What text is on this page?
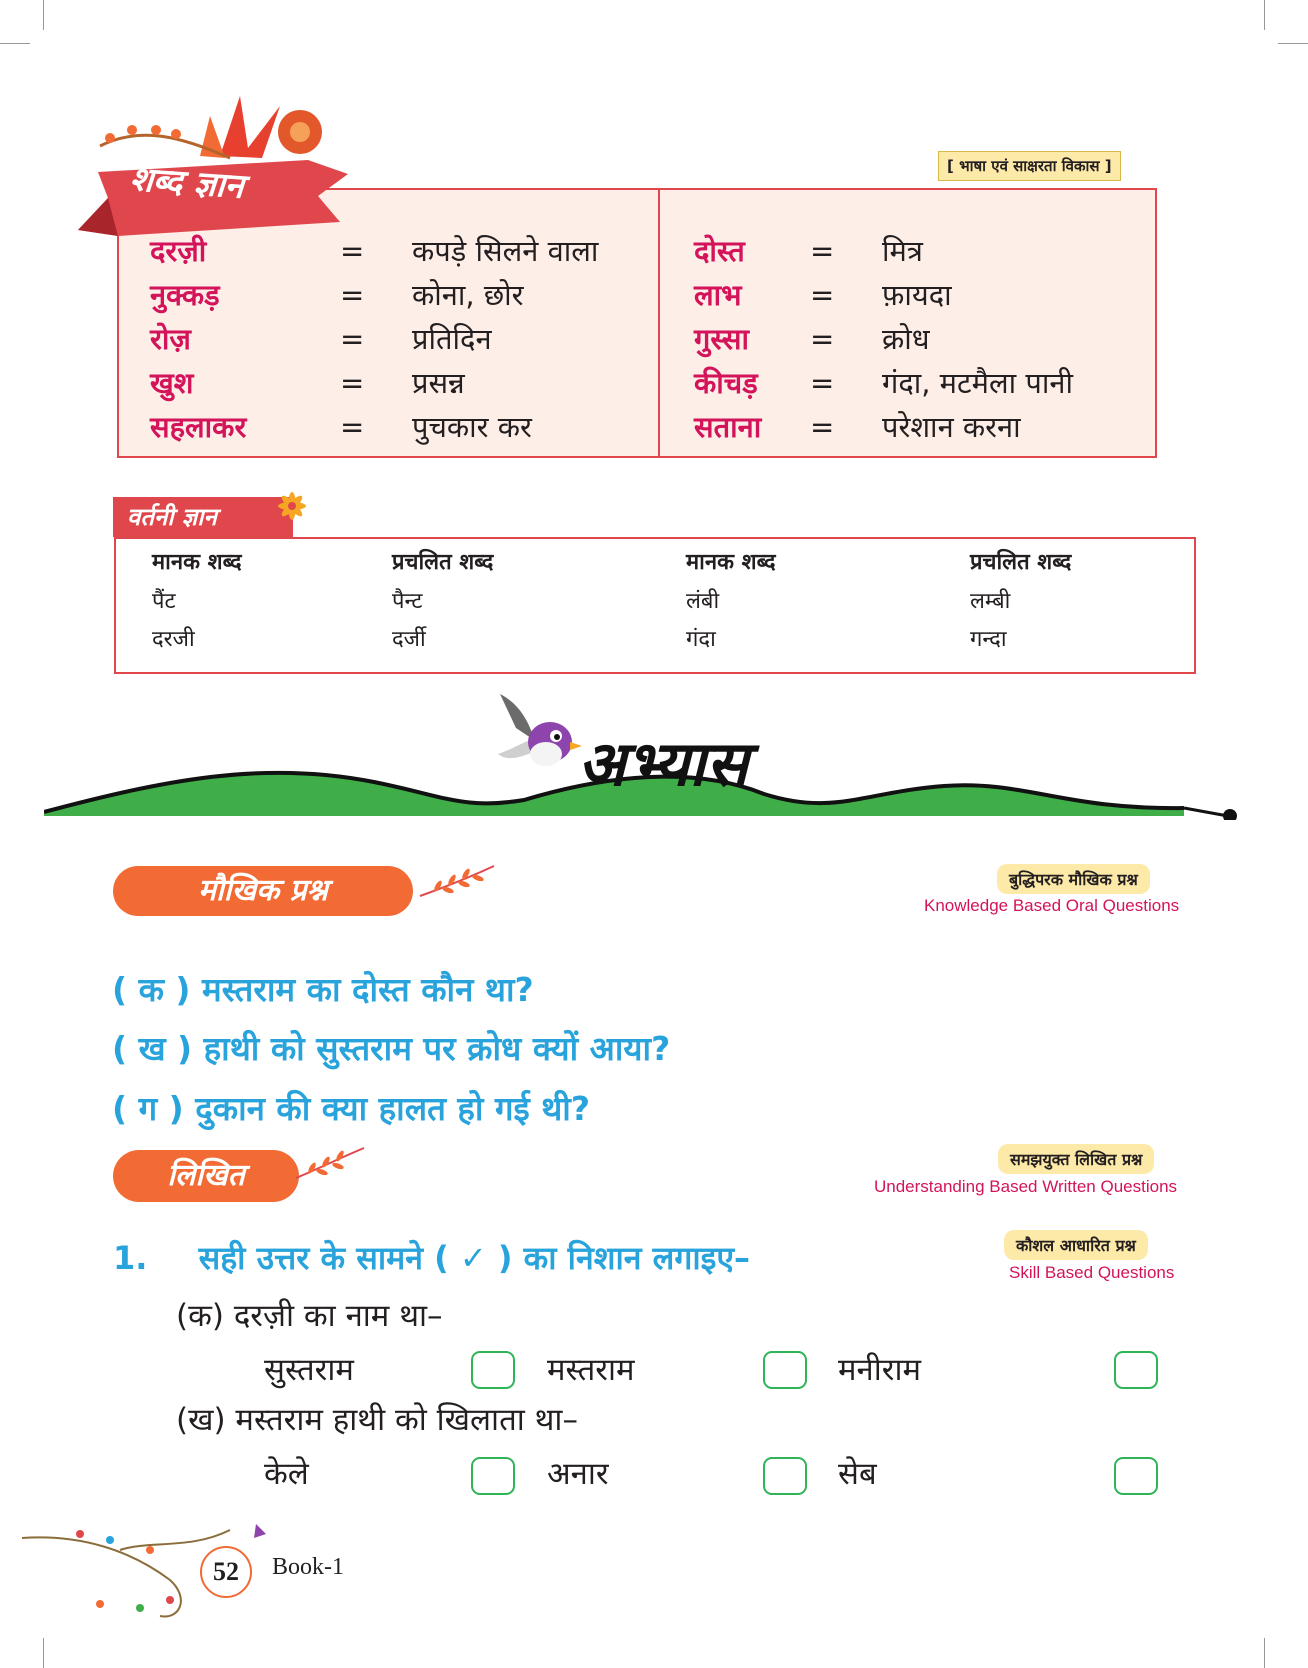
शब्द ज्ञान	[ भाषा एवं साक्षरता विकास ]
दरज़ी	= कपड़े सिलने वाला
नुक्कड़	= कोना, छोर
रोज़	= प्रतिदिन
खुश	= प्रसन्न
सहलाकर	= पुचकार कर
दोस्त = मित्र
लाभ = फ़ायदा
गुस्सा = क्रोध
कीचड़ = गंदा, मटमैला पानी
सताना = परेशान करना
वर्तनी ज्ञान
मानक शब्द	प्रचलित शब्द	मानक शब्द	प्रचलित शब्द
पैंट	पैन्ट	लंबी	लम्बी
दरजी	दर्जी	गंदा	गन्दा
अभ्यास
मौखिक प्रश्न	बुद्धिपरक मौखिक प्रश्न
Knowledge Based Oral Questions
( क ) मस्तराम का दोस्त कौन था?
( ख ) हाथी को सुस्तराम पर क्रोध क्यों आया?
( ग ) दुकान की क्या हालत हो गई थी?
लिखित	समझयुक्त लिखित प्रश्न
Understanding Based Written Questions
1. सही उत्तर के सामने ( ✓ ) का निशान लगाइए–	कौशल आधारित प्रश्न
Skill Based Questions
(क) दरज़ी का नाम था–
सुस्तराम	मस्तराम	मनीराम
(ख) मस्तराम हाथी को खिलाता था–
केले	अनार	सेब
52	Book-1
